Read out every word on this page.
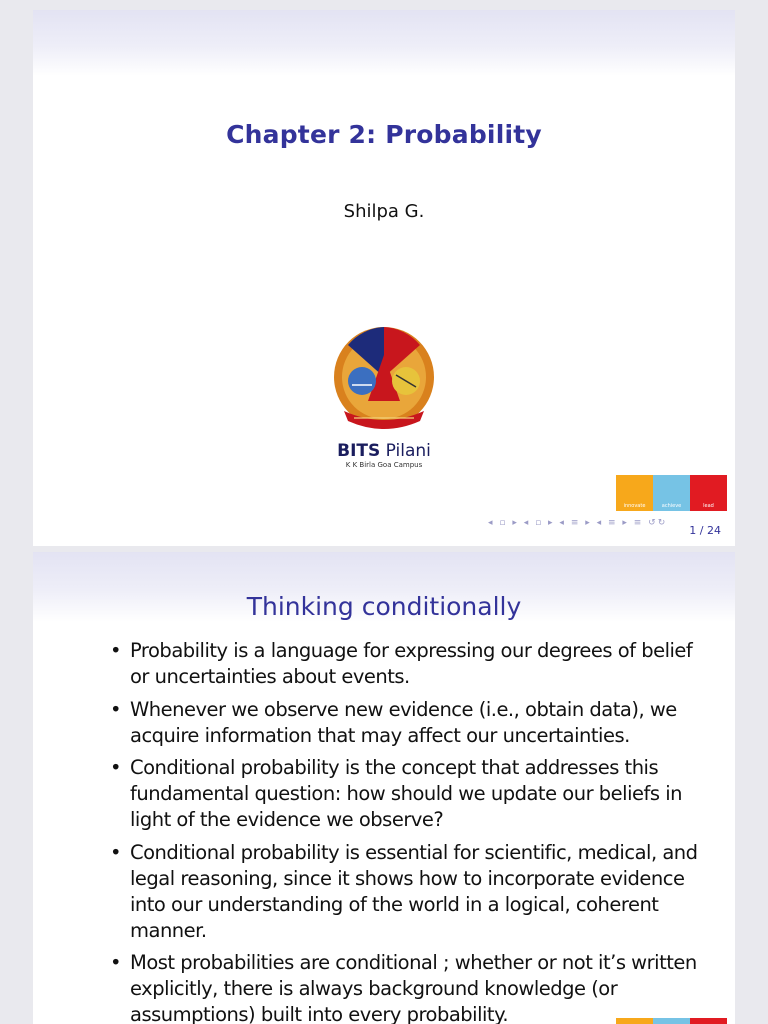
Chapter 2: Probability
Shilpa G.
BITS Pilani
K K Birla Goa Campus
innovate	achieve	lead
◂ ▫ ▸ ◂ ▫ ▸ ◂ ≡ ▸ ◂ ≡ ▸ ≡ ↺↻
1 / 24
Thinking conditionally
• Probability is a language for expressing our degrees of belief or uncertainties about events.
• Whenever we observe new evidence (i.e., obtain data), we acquire information that may affect our uncertainties.
• Conditional probability is the concept that addresses this fundamental question: how should we update our beliefs in light of the evidence we observe?
• Conditional probability is essential for scientific, medical, and legal reasoning, since it shows how to incorporate evidence into our understanding of the world in a logical, coherent manner.
• Most probabilities are conditional ; whether or not it’s written explicitly, there is always background knowledge (or assumptions) built into every probability.
